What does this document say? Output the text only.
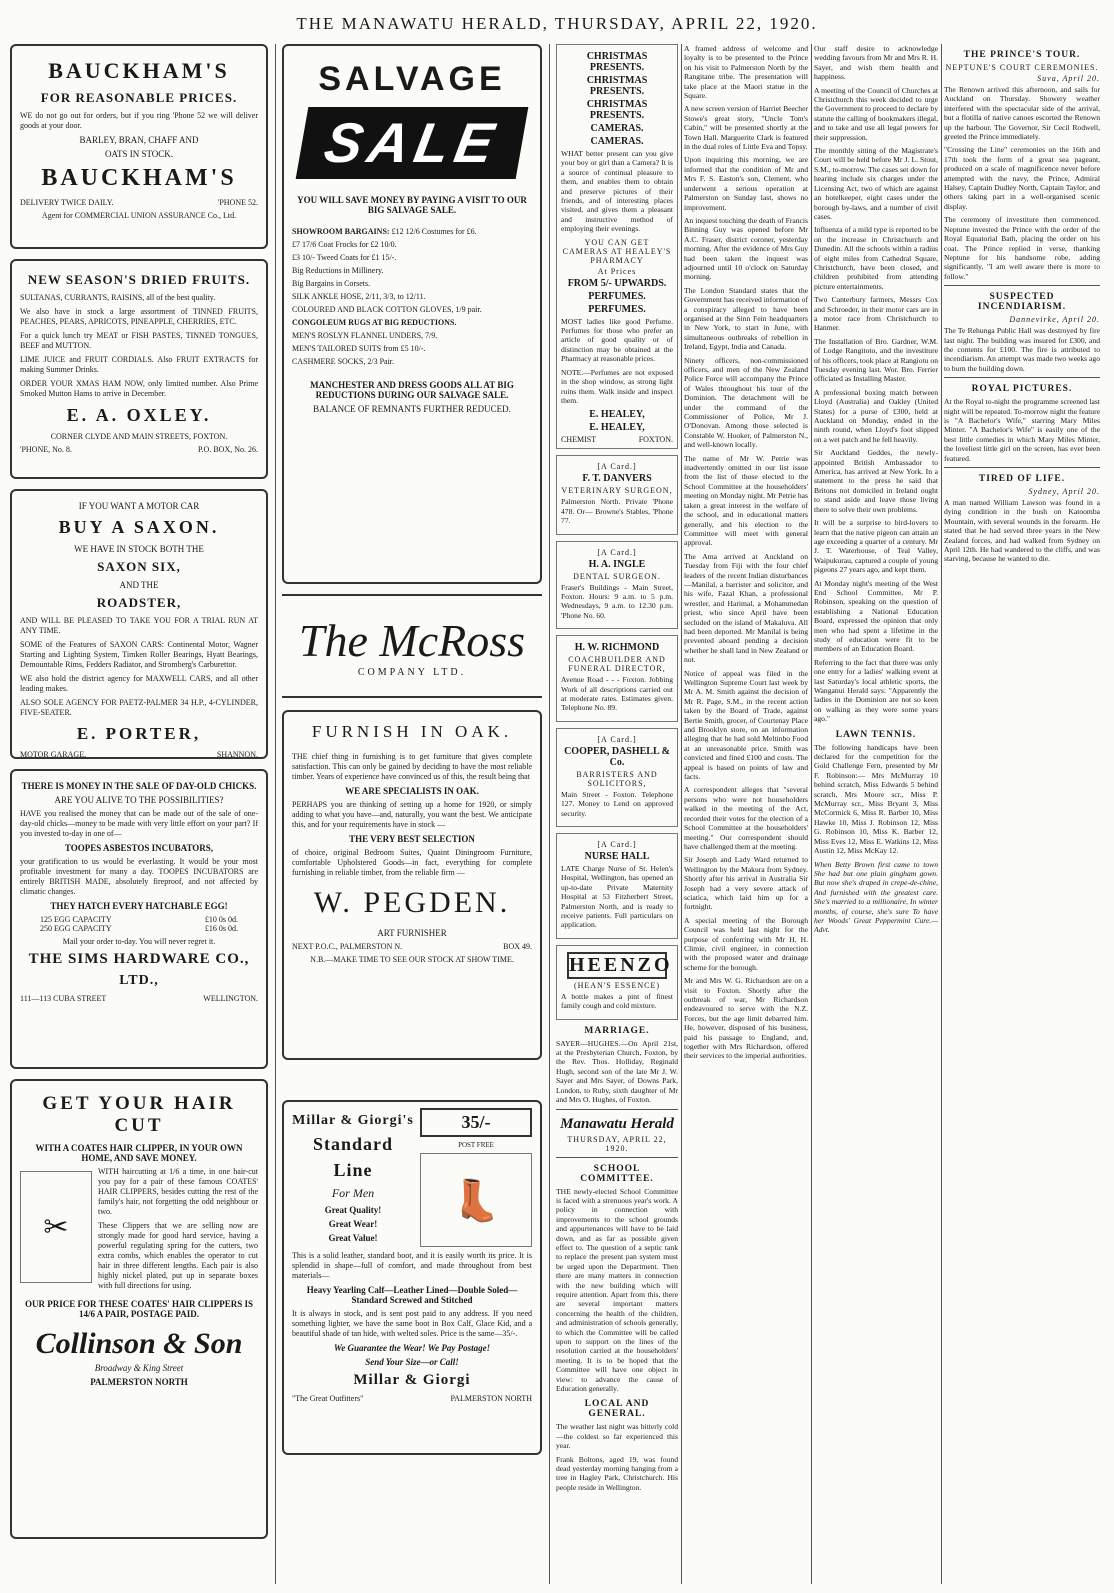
THE MANAWATU HERALD, THURSDAY, APRIL 22, 1920.
BAUCKHAM'S
FOR REASONABLE PRICES.

WE do not go out for orders, but if you ring 'Phone 52 we will deliver goods at your door.

BARLEY, BRAN, CHAFF AND
OATS IN STOCK.
BAUCKHAM'S
DELIVERY TWICE DAILY.	'PHONE 52.
Agent for COMMERCIAL UNION ASSURANCE Co., Ltd.
NEW SEASON'S DRIED FRUITS.

SULTANAS, CURRANTS, RAISINS, all of the best quality.

We also have in stock a large assortment of TINNED FRUITS, PEACHES, PEARS, APRICOTS, PINEAPPLE, CHERRIES, ETC.

For a quick lunch try MEAT or FISH PASTES, TINNED TONGUES, BEEF and MUTTON.

LIME JUICE and FRUIT CORDIALS. Also FRUIT EXTRACTS for making Summer Drinks.

ORDER YOUR XMAS HAM NOW, only limited number. Also Prime Smoked Mutton Hams to arrive in December.

E. A. OXLEY.
CORNER CLYDE AND MAIN STREETS, FOXTON.
'PHONE, No. 8.	P.O. BOX, No. 26.
IF YOU WANT A MOTOR CAR
BUY A SAXON.
WE HAVE IN STOCK BOTH THE
SAXON SIX,
AND THE
ROADSTER,

AND WILL BE PLEASED TO TAKE YOU FOR A TRIAL RUN AT ANY TIME.

SOME of the Features of SAXON CARS: Continental Motor, Wagner Starting and Lighting System, Timken Roller Bearings, Hyatt Bearings, Demountable Rims, Fedders Radiator, and Stromberg's Carburettor.

WE also hold the district agency for MAXWELL CARS, and all other leading makes.

ALSO SOLE AGENCY FOR PAETZ-PALMER 34 H.P., 4-CYLINDER, FIVE-SEATER.

E. PORTER,
MOTOR GARAGE,	SHANNON.
THERE IS MONEY IN THE SALE OF DAY-OLD CHICKS.
ARE YOU ALIVE TO THE POSSIBILITIES?

HAVE you realised the money that can be made out of the sale of one-day-old chicks—money to be made with very little effort on your part? If you invested to-day in one of—

TOOPES ASBESTOS INCUBATORS,

your gratification to us would be everlasting. It would be your most profitable investment for many a day. TOOPES INCUBATORS are entirely BRITISH MADE, absolutely fireproof, and not affected by climatic changes.

THEY HATCH EVERY HATCHABLE EGG!
125 EGG CAPACITY	£10 0s 0d.
250 EGG CAPACITY	£16 0s 0d.
Mail your order to-day. You will never regret it.
THE SIMS HARDWARE CO.,
LTD.,
111—113 CUBA STREET	WELLINGTON.
GET YOUR HAIR CUT
WITH A COATES HAIR CLIPPER, IN YOUR OWN HOME, AND SAVE MONEY.
✂

WITH haircutting at 1/6 a time, in one hair-cut you pay for a pair of these famous COATES' HAIR CLIPPERS, besides cutting the rest of the family's hair, not forgetting the odd neighbour or two.

These Clippers that we are selling now are strongly made for good hard service, having a powerful regulating spring for the cutters, two extra combs, which enables the operator to cut hair in three different lengths. Each pair is also highly nickel plated, put up in separate boxes with full directions for using.

OUR PRICE FOR THESE COATES' HAIR CLIPPERS IS 14/6 A PAIR, POSTAGE PAID.
Collinson & Son
Broadway & King Street
PALMERSTON NORTH
SALVAGE
SALE
YOU WILL SAVE MONEY BY PAYING A VISIT TO OUR BIG SALVAGE SALE.
SHOWROOM BARGAINS: £12 12/6 Costumes for £6.
£7 17/6 Coat Frocks for £2 10/0.
£3 10/- Tweed Coats for £1 15/-.
Big Reductions in Millinery.
Big Bargains in Corsets.
SILK ANKLE HOSE, 2/11, 3/3, to 12/11.
COLOURED AND BLACK COTTON GLOVES, 1/9 pair.
CONGOLEUM RUGS AT BIG REDUCTIONS.
MEN'S ROSLYN FLANNEL UNDERS, 7/9.
MEN'S TAILORED SUITS from £5 10/-.
CASHMERE SOCKS, 2/3 Pair.
MANCHESTER AND DRESS GOODS ALL AT BIG REDUCTIONS DURING OUR SALVAGE SALE.
BALANCE OF REMNANTS FURTHER REDUCED.
The McRoss
COMPANY LTD.
FURNISH IN OAK.

THE chief thing in furnishing is to get furniture that gives complete satisfaction. This can only be gained by deciding to have the most reliable timber. Years of experience have convinced us of this, the result being that

WE ARE SPECIALISTS IN OAK.

PERHAPS you are thinking of setting up a home for 1920, or simply adding to what you have—and, naturally, you want the best. We anticipate this, and for your requirements have in stock —

THE VERY BEST SELECTION

of choice, original Bedroom Suites, Quaint Diningroom Furniture, comfortable Upholstered Goods—in fact, everything for complete furnishing in reliable timber, from the reliable firm —

W. PEGDEN.
ART FURNISHER
NEXT P.O.C., PALMERSTON N.	BOX 49.
N.B.—MAKE TIME TO SEE OUR STOCK AT SHOW TIME.
Millar & Giorgi's
Standard
Line
For Men
Great Quality!
Great Wear!
Great Value!
35/-
POST FREE
👢

This is a solid leather, standard boot, and it is easily worth its price. It is splendid in shape—full of comfort, and made throughout from best materials—

Heavy Yearling Calf—Leather Lined—Double Soled—Standard Screwed and Stitched

It is always in stock, and is sent post paid to any address. If you need something lighter, we have the same boot in Box Calf, Glace Kid, and a beautiful shade of tan hide, with welted soles. Price is the same—35/-.

We Guarantee the Wear! We Pay Postage!
Send Your Size—or Call!
Millar & Giorgi
"The Great Outfitters"	PALMERSTON NORTH
CHRISTMAS PRESENTS.
CHRISTMAS PRESENTS.
CHRISTMAS PRESENTS.
CAMERAS.
CAMERAS.

WHAT better present can you give your boy or girl than a Camera? It is a source of continual pleasure to them, and enables them to obtain and preserve pictures of their friends, and of interesting places visited, and gives them a pleasant and instructive method of employing their evenings.

YOU CAN GET CAMERAS AT HEALEY'S PHARMACY
At Prices
FROM 5/- UPWARDS.
PERFUMES.
PERFUMES.

MOST ladies like good Perfume. Perfumes for those who prefer an article of good quality or of distinction may be obtained at the Pharmacy at reasonable prices.

NOTE.—Perfumes are not exposed in the shop window, as strong light ruins them. Walk inside and inspect them.

E. HEALEY,
E. HEALEY,
CHEMIST	FOXTON.
[A Card.]
F. T. DANVERS
VETERINARY SURGEON,

Palmerston North. Private 'Phone 478. Or— Browne's Stables, 'Phone 77.

[A Card.]
H. A. INGLE
DENTAL SURGEON.

Fraser's Buildings - Main Street, Foxton. Hours: 9 a.m. to 5 p.m. Wednesdays, 9 a.m. to 12.30 p.m. 'Phone No. 60.

H. W. RICHMOND
COACHBUILDER AND FUNERAL DIRECTOR,

Avenue Road - - - Foxton. Jobbing Work of all descriptions carried out at moderate rates. Estimates given. Telephone No. 89.

[A Card.]
COOPER, DASHELL & Co.
BARRISTERS AND SOLICITORS,

Main Street - Foxton. Telephone 127. Money to Lend on approved security.

[A Card.]
NURSE HALL

LATE Charge Nurse of St. Helen's Hospital, Wellington, has opened an up-to-date Private Maternity Hospital at 53 Fitzherbert Street, Palmerston North, and is ready to receive patients. Full particulars on application.

HEENZO
(HEAN'S ESSENCE)

A bottle makes a pint of finest family cough and cold mixture.

MARRIAGE.

SAYER—HUGHES.—On April 21st, at the Presbyterian Church, Foxton, by the Rev. Thos. Holliday, Reginald Hugh, second son of the late Mr J. W. Sayer and Mrs Sayer, of Downs Park, London, to Ruby, sixth daughter of Mr and Mrs O. Hughes, of Foxton.

Manawatu Herald
THURSDAY, APRIL 22, 1920.
SCHOOL COMMITTEE.

THE newly-elected School Committee is faced with a strenuous year's work. A policy in connection with improvements to the school grounds and appurtenances will have to be laid down, and as far as possible given effect to. The question of a septic tank to replace the present pan system must be urged upon the Department. Then there are many matters in connection with the new building which will require attention. Apart from this, there are several important matters concerning the health of the children, and administration of schools generally, to which the Committee will be called upon to support on the lines of the resolution carried at the householders' meeting. It is to be hoped that the Committee will have one object in view: to advance the cause of Education generally.

LOCAL AND GENERAL.

The weather last night was bitterly cold—the coldest so far experienced this year.

Frank Boltons, aged 19, was found dead yesterday morning hanging from a tree in Hagley Park, Christchurch. His people reside in Wellington.

A framed address of welcome and loyalty is to be presented to the Prince on his visit to Palmerston North by the Rangitane tribe. The presentation will take place at the Maori statue in the Square.

A new screen version of Harriet Beecher Stowe's great story, "Uncle Tom's Cabin," will be presented shortly at the Town Hall. Marguerite Clark is featured in the dual roles of Little Eva and Topsy.

Upon inquiring this morning, we are informed that the condition of Mr and Mrs F. S. Easton's son, Clement, who underwent a serious operation at Palmerston on Sunday last, shows no improvement.

An inquest touching the death of Francis Binning Guy was opened before Mr A.C. Fraser, district coroner, yesterday morning. After the evidence of Mrs Guy had been taken the inquest was adjourned until 10 o'clock on Saturday morning.

The London Standard states that the Government has received information of a conspiracy alleged to have been organised at the Sinn Fein headquarters in New York, to start in June, with simultaneous outbreaks of rebellion in Ireland, Egypt, India and Canada.

Ninety officers, non-commissioned officers, and men of the New Zealand Police Force will accompany the Prince of Wales throughout his tour of the Dominion. The detachment will be under the command of the Commissioner of Police, Mr J. O'Donovan. Among those selected is Constable W. Hooker, of Palmerston N., and well-known locally.

The name of Mr W. Petrie was inadvertently omitted in our list issue from the list of those elected to the School Committee at the householders' meeting on Monday night. Mr Petrie has taken a great interest in the welfare of the school, and in educational matters generally, and his election to the Committee will meet with general approval.

The Ama arrived at Auckland on Tuesday from Fiji with the four chief leaders of the recent Indian disturbances—Manilal, a barrister and solicitor, and his wife, Fazal Khan, a professional wrestler, and Harimal, a Mohammedan priest, who since April have been secluded on the island of Makaluva. All had been deported. Mr Manilal is being prevented aboard pending a decision whether he shall land in New Zealand or not.

Notice of appeal was filed in the Wellington Supreme Court last week by Mr A. M. Smith against the decision of Mr R. Page, S.M., in the recent action taken by the Board of Trade, against Bertie Smith, grocer, of Courtenay Place and Brooklyn store, on an information alleging that he had sold Meltinbo Food at an unreasonable price. Smith was convicted and fined £100 and costs. The appeal is based on points of law and facts.

A correspondent alleges that "several persons who were not householders walked in the meeting of the Act, recorded their votes for the election of a School Committee at the householders' meeting." Our correspondent should have challenged them at the meeting.

Sir Joseph and Lady Ward returned to Wellington by the Makura from Sydney. Shortly after his arrival in Australia Sir Joseph had a very severe attack of sciatica, which laid him up for a fortnight.

A special meeting of the Borough Council was held last night for the purpose of conferring with Mr H. H. Climie, civil engineer, in connection with the proposed water and drainage scheme for the borough.

Mr and Mrs W. G. Richardson are on a visit to Foxton. Shortly after the outbreak of war, Mr Richardson endeavoured to serve with the N.Z. Forces, but the age limit debarred him. He, however, disposed of his business, paid his passage to England, and, together with Mrs Richardson, offered their services to the imperial authorities.

Our staff desire to acknowledge wedding favours from Mr and Mrs R. H. Sayer, and wish them health and happiness.

A meeting of the Council of Churches at Christchurch this week decided to urge the Government to proceed to declare by statute the calling of bookmakers illegal, and to take and use all legal powers for their suppression.

The monthly sitting of the Magistrate's Court will be held before Mr J. L. Stout, S.M., to-morrow. The cases set down for hearing include six charges under the Licensing Act, two of which are against an hotelkeeper, eight cases under the borough by-laws, and a number of civil cases.

Influenza of a mild type is reported to be on the increase in Christchurch and Dunedin. All the schools within a radius of eight miles from Cathedral Square, Christchurch, have been closed, and children prohibited from attending picture entertainments.

Two Canterbury farmers, Messrs Cox and Schroeder, in their motor cars are in a motor race from Christchurch to Hanmer.

The Installation of Bro. Gardner, W.M. of Lodge Rangitoto, and the investiture of his officers, took place at Rangiotu on Tuesday evening last. Wor. Bro. Ferrier officiated as Installing Master.

A professional boxing match between Lloyd (Australia) and Oakley (United States) for a purse of £300, held at Auckland on Monday, ended in the ninth round, when Lloyd's foot slipped on a wet patch and he fell heavily.

Sir Auckland Geddes, the newly-appointed British Ambassador to America, has arrived at New York. In a statement to the press he said that Britons not domiciled in Ireland ought to stand aside and leave those living there to solve their own problems.

It will be a surprise to bird-lovers to learn that the native pigeon can attain an age exceeding a quarter of a century. Mr J. T. Waterhouse, of Teal Valley, Waipukurau, captured a couple of young pigeons 27 years ago, and kept them.

At Monday night's meeting of the West End School Committee, Mr P. Robinson, speaking on the question of establishing a National Education Board, expressed the opinion that only men who had spent a lifetime in the study of education were fit to be members of an Education Board.

Referring to the fact that there was only one entry for a ladies' walking event at last Saturday's local athletic sports, the Wanganui Herald says: "Apparently the ladies in the Dominion are not so keen on walking as they were some years ago."

LAWN TENNIS.

The following handicaps have been declared for the competition for the Gold Challenge Fern, presented by Mr F. Robinson:— Mrs McMurray 10 behind scratch, Miss Edwards 5 behind scratch, Mrs Moore scr., Miss P. McMurray scr., Miss Bryant 3, Miss McCormick 6, Miss R. Barber 10, Miss Hawke 10, Miss J. Robinson 12, Miss G. Robinson 10, Miss K. Barber 12, Miss Eves 12, Miss E. Watkins 12, Miss Austin 12, Miss McKay 12.

When Betty Brown first came to town She had but one plain gingham gown. But now she's draped in crepe-de-chine, And furnished with the greatest care. She's married to a millionaire, In winter months, of course, she's sure To have her Woods' Great Peppermint Cure.—Advt.

THE PRINCE'S TOUR.
NEPTUNE'S COURT CEREMONIES.
Suva, April 20.

The Renown arrived this afternoon, and sails for Auckland on Thursday. Showery weather interfered with the spectacular side of the arrival, but a flotilla of native canoes escorted the Renown up the harbour. The Governor, Sir Cecil Rodwell, greeted the Prince immediately.

"Crossing the Line" ceremonies on the 16th and 17th took the form of a great sea pageant, produced on a scale of magnificence never before attempted with the navy, the Prince, Admiral Halsey, Captain Dudley North, Captain Taylor, and others taking part in a well-organised scenic display.

The ceremony of investiture then commenced. Neptune invested the Prince with the order of the Royal Equatorial Bath, placing the order on his coat. The Prince replied in verse, thanking Neptune for his handsome robe, adding significantly, "I am well aware there is more to follow."

SUSPECTED INCENDIARISM.
Dannevirke, April 20.

The Te Rehunga Public Hall was destroyed by fire last night. The building was insured for £300, and the contents for £100. The fire is attributed to incendiarism. An attempt was made two weeks ago to burn the building down.

ROYAL PICTURES.

At the Royal to-night the programme screened last night will be repeated. To-morrow night the feature is "A Bachelor's Wife," starring Mary Miles Minter. "A Bachelor's Wife" is easily one of the best little comedies in which Mary Miles Minter, the loveliest little girl on the screen, has ever been featured.

TIRED OF LIFE.
Sydney, April 20.

A man named William Lawson was found in a dying condition in the bush on Katoomba Mountain, with several wounds in the forearm. He stated that he had served three years in the New Zealand forces, and had walked from Sydney on April 12th. He had wandered to the cliffs, and was starving, because he wanted to die.
